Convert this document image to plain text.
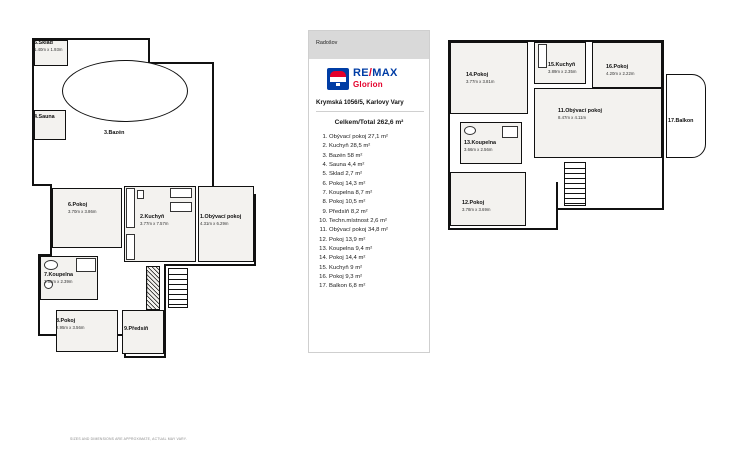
5.Sklad
1.40m x 1.93m
4.Sauna
3.Bazén
6.Pokoj
3.70m x 3.86m
2.Kuchyň
3.77m x 7.57m
1.Obývací pokoj
4.31m x 6.29m
7.Koupelna
3.65m x 2.39m
8.Pokoj
2.95m x 3.56m	9.Předsíň
10.Techn.místnost
Radošov
RE/MAX
Glorion
Krymská 1056/5, Karlovy Vary
Celkem/Total 262,6 m²
1. Obývací pokoj 27,1 m²
2. Kuchyň 28,5 m²
3. Bazén 58 m²
4. Sauna 4,4 m²
5. Sklad 2,7 m²
6. Pokoj 14,3 m²
7. Koupelna 8,7 m²
8. Pokoj 10,5 m²
9. Předsíň 8,2 m²
10. Techn.místnost 2,6 m²
11. Obývací pokoj 34,8 m²
12. Pokoj 13,9 m²
13. Koupelna 9,4 m²
14. Pokoj 14,4 m²
15. Kuchyň 9 m²
16. Pokoj 9,3 m²
17. Balkon 6,8 m²
14.Pokoj
3.77m x 3.81m
15.Kuchyň
3.89m x 2.35m
16.Pokoj
4.20m x 2.22m
11.Obývací pokoj
8.47m x 4.11m
17.Balkon
13.Koupelna
3.66m x 2.56m
12.Pokoj
3.78m x 3.69m
SIZES AND DIMENSIONS ARE APPROXIMATE, ACTUAL MAY VARY.
